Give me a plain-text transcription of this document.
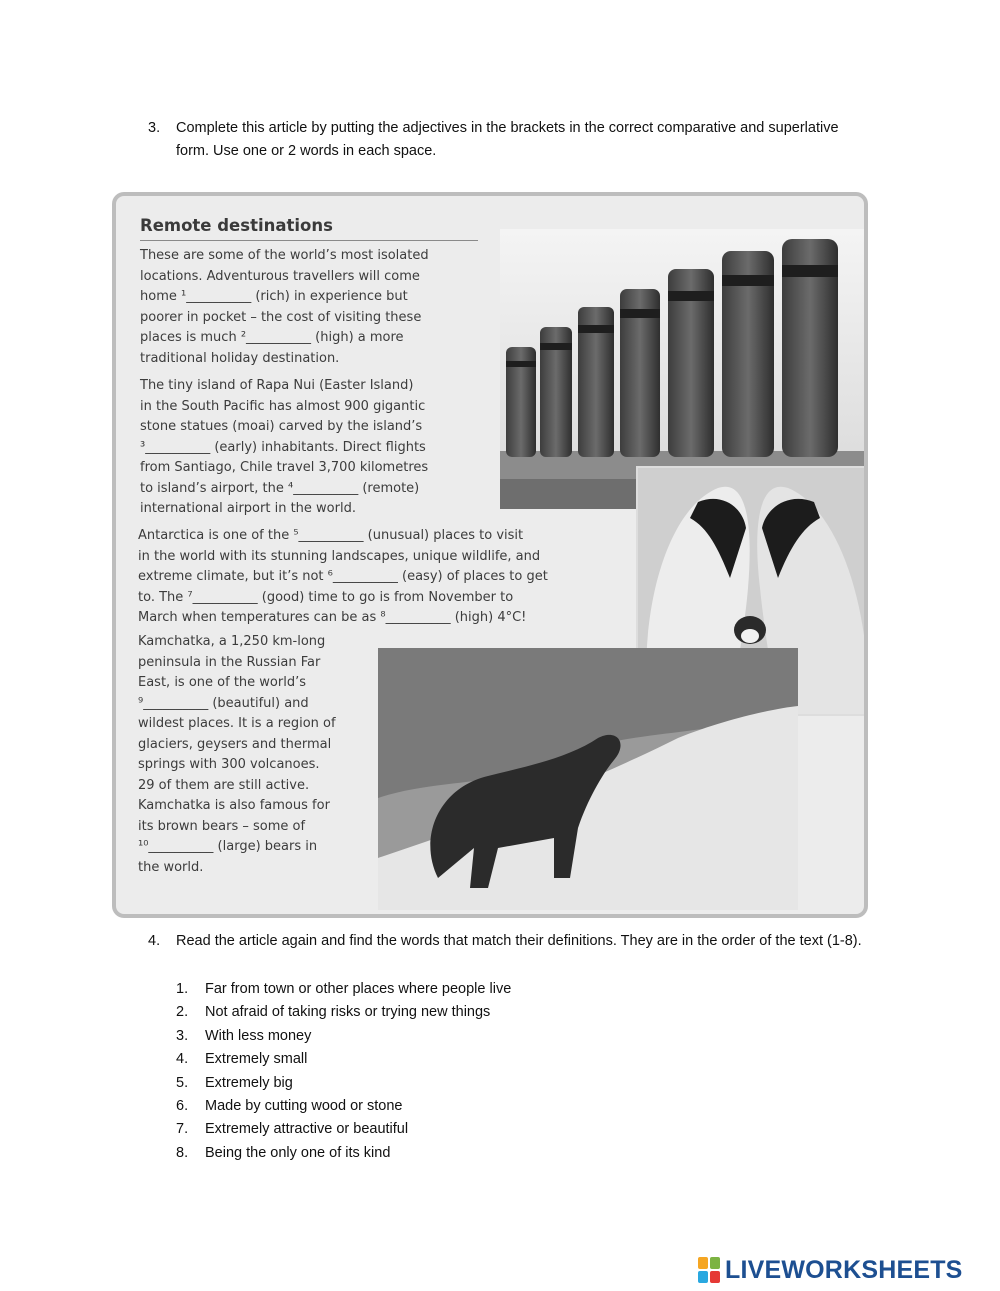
3. Complete this article by putting the adjectives in the brackets in the correct comparative and superlative form. Use one or 2 words in each space.
Remote destinations
These are some of the world’s most isolated
locations. Adventurous travellers will come
home ¹__________ (rich) in experience but
poorer in pocket – the cost of visiting these
places is much ²__________ (high) a more
traditional holiday destination.
The tiny island of Rapa Nui (Easter Island)
in the South Pacific has almost 900 gigantic
stone statues (moai) carved by the island’s
³__________ (early) inhabitants. Direct flights
from Santiago, Chile travel 3,700 kilometres
to island’s airport, the ⁴__________ (remote)
international airport in the world.
Antarctica is one of the ⁵__________ (unusual) places to visit
in the world with its stunning landscapes, unique wildlife, and
extreme climate, but it’s not ⁶__________ (easy) of places to get
to. The ⁷__________ (good) time to go is from November to
March when temperatures can be as ⁸__________ (high) 4°C!
Kamchatka, a 1,250 km-long
peninsula in the Russian Far
East, is one of the world’s
⁹__________ (beautiful) and
wildest places. It is a region of
glaciers, geysers and thermal
springs with 300 volcanoes.
29 of them are still active.
Kamchatka is also famous for
its brown bears – some of
¹⁰__________ (large) bears in
the world.
4. Read the article again and find the words that match their definitions. They are in the order of the text (1-8).
1. Far from town or other places where people live
2. Not afraid of taking risks or trying new things
3. With less money
4. Extremely small
5. Extremely big
6. Made by cutting wood or stone
7. Extremely attractive or beautiful
8. Being the only one of its kind
LIVEWORKSHEETS
